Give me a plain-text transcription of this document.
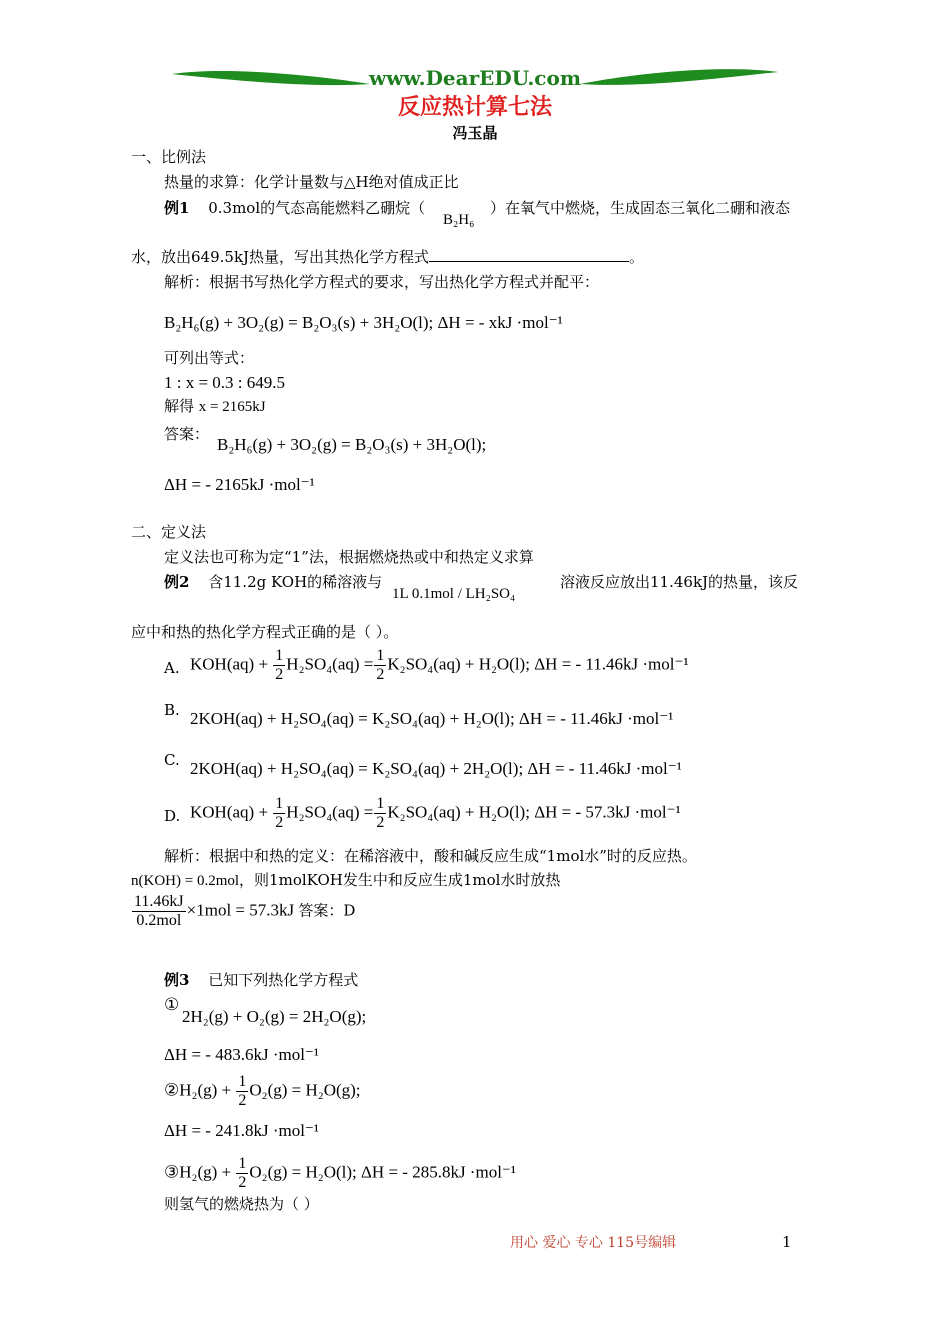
www.DearEDU.com
反应热计算七法
冯玉晶
一、比例法
热量的求算：化学计量数与△H绝对值成正比
例1 0.3mol的气态高能燃料乙硼烷（
B₂H₆
）在氧气中燃烧，生成固态三氧化二硼和液态
水，放出649.5kJ热量，写出其热化学方程式	。
解析：根据书写热化学方程式的要求，写出热化学方程式并配平：
B₂H₆(g) + 3O₂(g) = B₂O₃(s) + 3H₂O(l); ΔH = - xkJ ·mol⁻¹
可列出等式：
1 : x = 0.3 : 649.5
解得 x = 2165kJ
答案：
B₂H₆(g) + 3O₂(g) = B₂O₃(s) + 3H₂O(l);
ΔH = - 2165kJ ·mol⁻¹
二、定义法
定义法也可称为定“1”法，根据燃烧热或中和热定义求算
例2 含11.2g KOH的稀溶液与
1L 0.1mol / LH₂SO₄
溶液反应放出11.46kJ的热量，该反
应中和热的热化学方程式正确的是（ ）。
A. $KOH(aq) + \frac{1}{2} H_2SO_4(aq) = \frac{1}{2} K_2SO_4(aq) + H_2O(l)$; ΔH = - 11.46kJ ·mol⁻¹
B. 2KOH(aq) + H₂SO₄(aq) = K₂SO₄(aq) + H₂O(l); ΔH = - 11.46kJ ·mol⁻¹
C. 2KOH(aq) + H₂SO₄(aq) = K₂SO₄(aq) + 2H₂O(l); ΔH = - 11.46kJ ·mol⁻¹
D. $KOH(aq) + \frac{1}{2} H_2SO_4(aq) = \frac{1}{2} K_2SO_4(aq) + H_2O(l)$; ΔH = - 57.3kJ ·mol⁻¹
解析：根据中和热的定义：在稀溶液中，酸和碱反应生成“1mol水”时的反应热。
n(KOH) = 0.2mol，则1molKOH发生中和反应生成1mol水时放热
$\frac{11.46kJ}{\text{0.2mol}} \times 1mol = 57.3kJ$ 答案：D
例3 已知下列热化学方程式
①
2H₂(g) + O₂(g) = 2H₂O(g);
ΔH = - 483.6kJ ·mol⁻¹
②H₂(g) + $\frac{1}{2} O_2(g) = H_2O(g)$;
ΔH = - 241.8kJ ·mol⁻¹
③H₂(g) + $\frac{1}{2} O_2(g) = H_2O(l)$; ΔH = - 285.8kJ ·mol⁻¹
则氢气的燃烧热为（ ）
用心 爱心 专心 115号编辑	1
